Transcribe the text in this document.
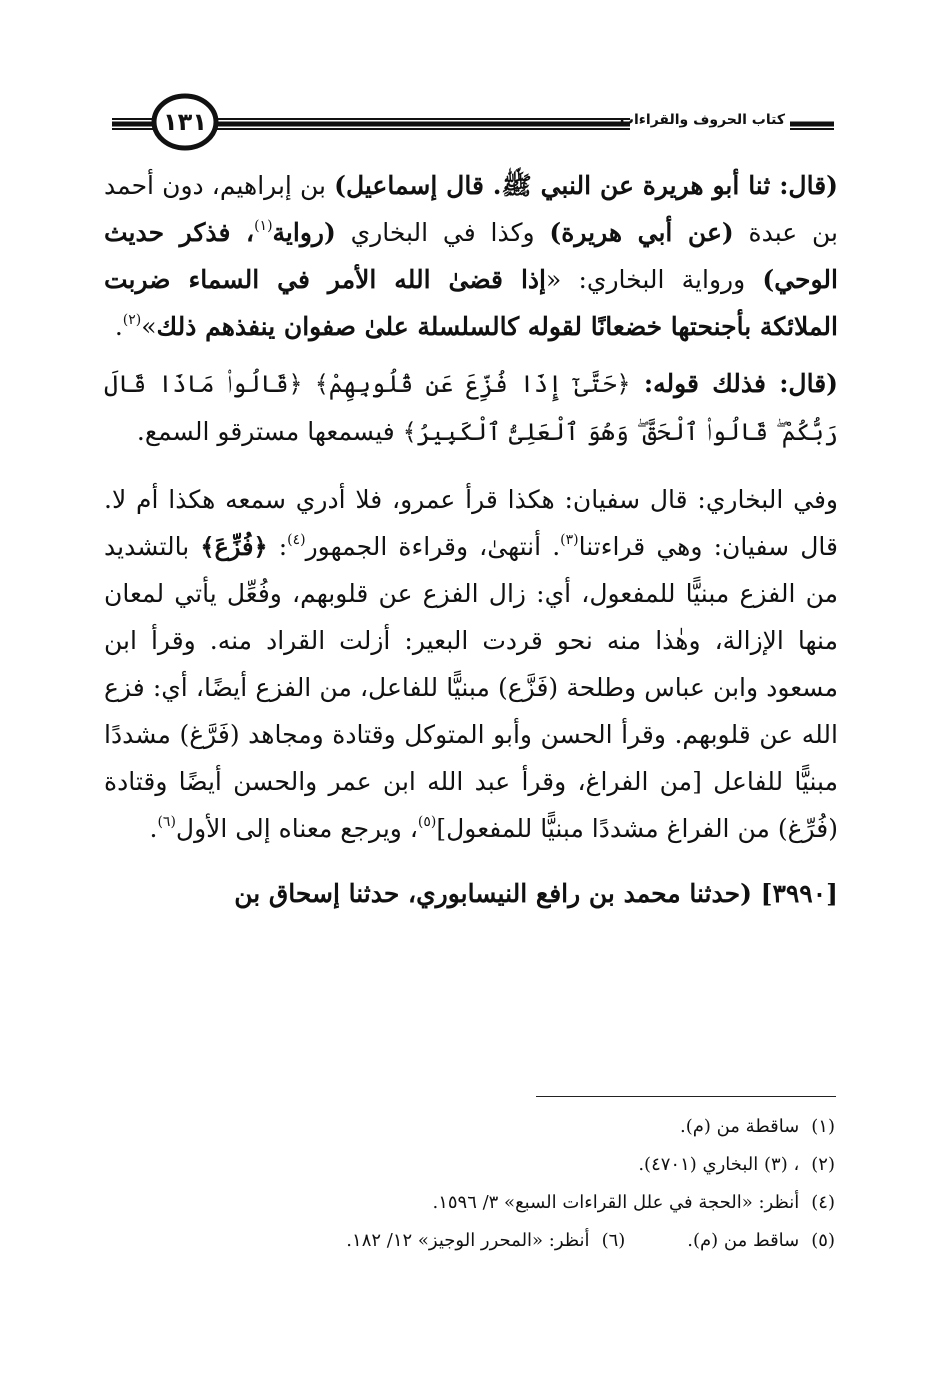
كتاب الحروف والقراءات
١٣١

(قال: ثنا أبو هريرة عن النبي ﷺ. قال إسماعيل) بن إبراهيم، دون أحمد بن عبدة (عن أبي هريرة) وكذا في البخاري (رواية$^{(١)}$، فذكر حديث الوحي) ورواية البخاري: «إذا قضىٰ الله الأمر في السماء ضربت الملائكة بأجنحتها خضعانًا لقوله كالسلسلة علىٰ صفوان ينفذهم ذلك»$^{(٢)}$.

(قال: فذلك قوله: ﴿حَتَّىٰٓ إِذَا فُزِّعَ عَن قُلُوبِهِمْ﴾ ﴿قَالُوا۟ مَاذَا قَالَ رَبُّكُمْ ۖ قَالُوا۟ ٱلْحَقَّ ۖ وَهُوَ ٱلْعَلِىُّ ٱلْكَبِيرُ﴾ فيسمعها مسترقو السمع.

وفي البخاري: قال سفيان: هكذا قرأ عمرو، فلا أدري سمعه هكذا أم لا. قال سفيان: وهي قراءتنا$^{(٣)}$. أنتهىٰ، وقراءة الجمهور$^{(٤)}$: ﴿فُزِّعَ﴾ بالتشديد من الفزع مبنيًّا للمفعول، أي: زال الفزع عن قلوبهم، وفُعِّل يأتي لمعان منها الإزالة، وهٰذا منه نحو قردت البعير: أزلت القراد منه. وقرأ ابن مسعود وابن عباس وطلحة (فَزَّع) مبنيًّا للفاعل، من الفزع أيضًا، أي: فزع الله عن قلوبهم. وقرأ الحسن وأبو المتوكل وقتادة ومجاهد (فَرَّغ) مشددًا مبنيًّا للفاعل [من الفراغ، وقرأ عبد الله ابن عمر والحسن أيضًا وقتادة (فُرِّغ) من الفراغ مشددًا مبنيًّا للمفعول]$^{(٥)}$، ويرجع معناه إلى الأول$^{(٦)}$.

[٣٩٩٠] (حدثنا محمد بن رافع النيسابوري، حدثنا إسحاق بن

(١)ساقطة من (م).
(٢)، (٣) البخاري (٤٧٠١).
(٤)أنظر: «الحجة في علل القراءات السبع» ٣/ ١٥٩٦.
(٥)ساقط من (م).
(٦)أنظر: «المحرر الوجيز» ١٢/ ١٨٢.
